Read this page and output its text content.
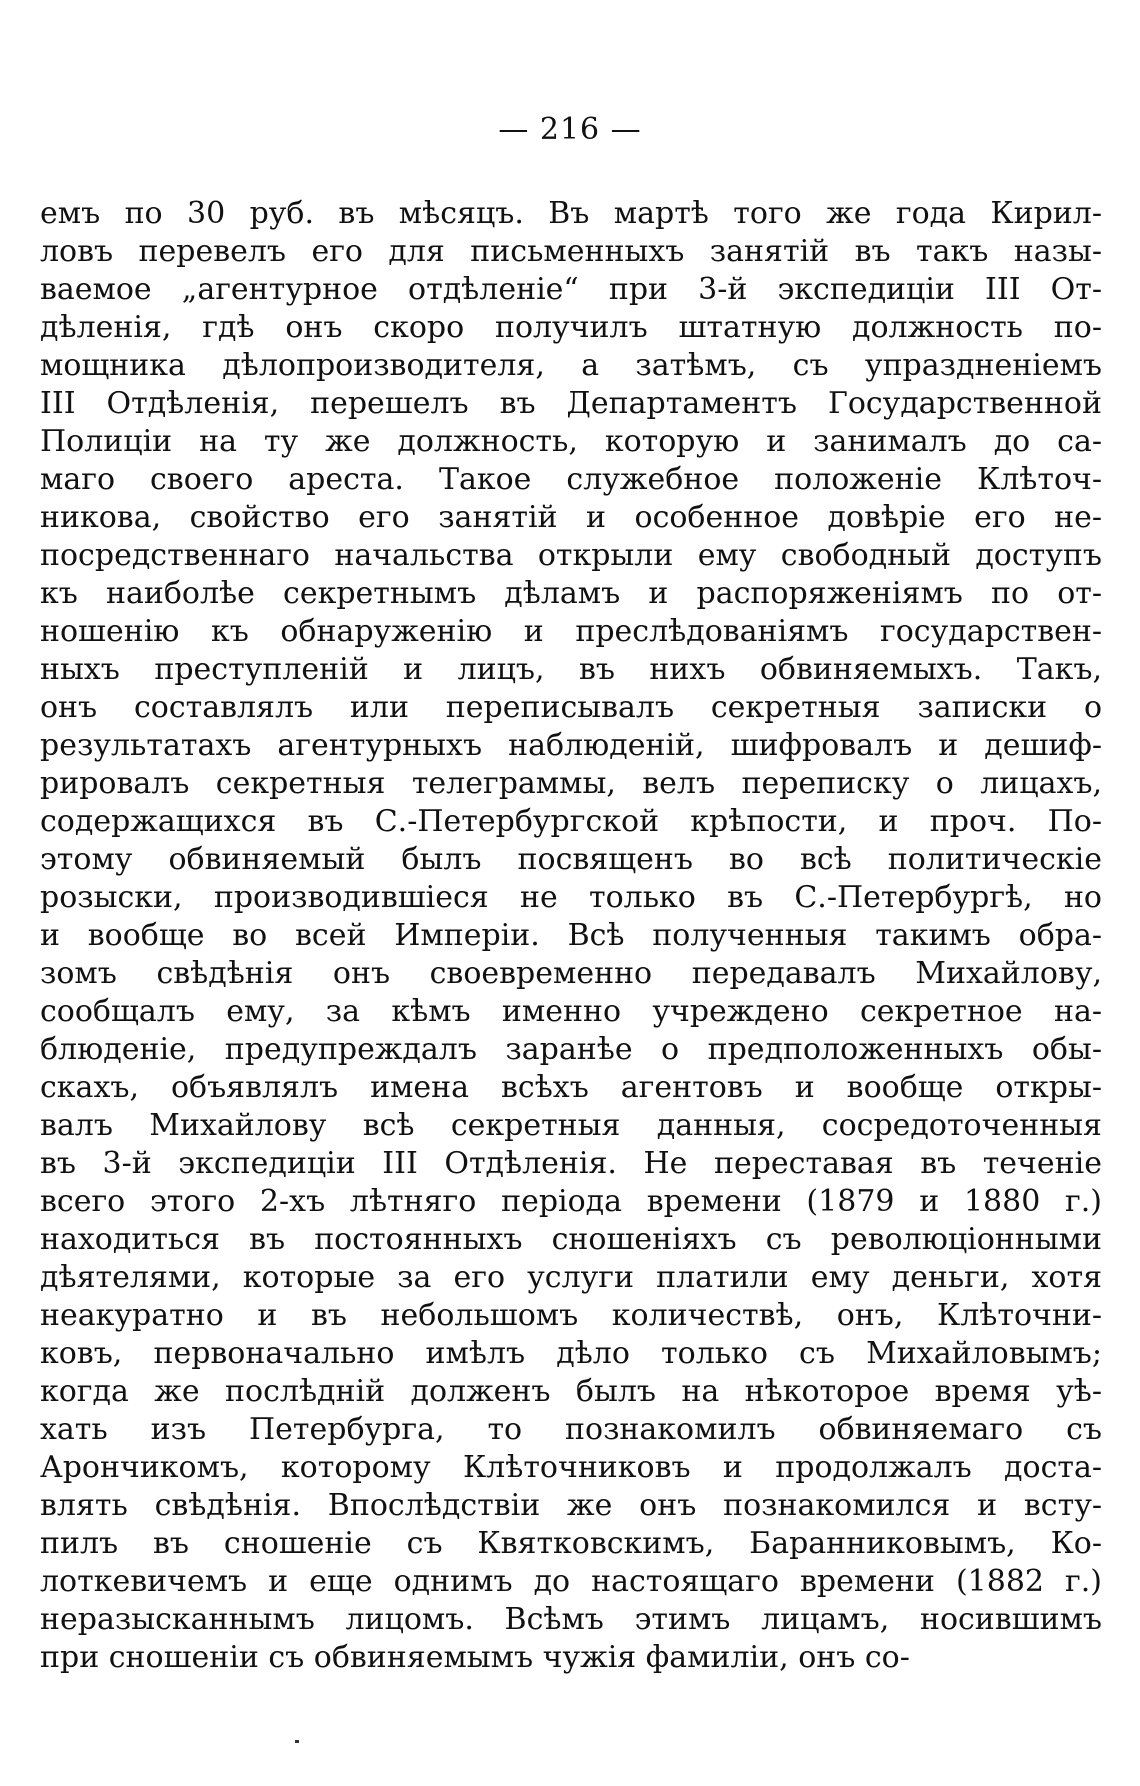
— 216 —
емъ по 30 руб. въ мѣсяцъ. Въ мартѣ того же года Кирил-
ловъ перевелъ его для письменныхъ занятій въ такъ назы-
ваемое „агентурное отдѣленіе“ при 3-й экспедиціи III От-
дѣленія, гдѣ онъ скоро получилъ штатную должность по-
мощника дѣлопроизводителя, а затѣмъ, съ упраздненіемъ
III Отдѣленія, перешелъ въ Департаментъ Государственной
Полиціи на ту же должность, которую и занималъ до са-
маго своего ареста. Такое служебное положеніе Клѣточ-
никова, свойство его занятій и особенное довѣріе его не-
посредственнаго начальства открыли ему свободный доступъ
къ наиболѣе секретнымъ дѣламъ и распоряженіямъ по от-
ношенію къ обнаруженію и преслѣдованіямъ государствен-
ныхъ преступленій и лицъ, въ нихъ обвиняемыхъ. Такъ,
онъ составлялъ или переписывалъ секретныя записки о
результатахъ агентурныхъ наблюденій, шифровалъ и дешиф-
рировалъ секретныя телеграммы, велъ переписку о лицахъ,
содержащихся въ С.-Петербургской крѣпости, и проч. По-
этому обвиняемый былъ посвященъ во всѣ политическіе
розыски, производившіеся не только въ С.-Петербургѣ, но
и вообще во всей Имперіи. Всѣ полученныя такимъ обра-
зомъ свѣдѣнія онъ своевременно передавалъ Михайлову,
сообщалъ ему, за кѣмъ именно учреждено секретное на-
блюденіе, предупреждалъ заранѣе о предположенныхъ обы-
скахъ, объявлялъ имена всѣхъ агентовъ и вообще откры-
валъ Михайлову всѣ секретныя данныя, сосредоточенныя
въ 3-й экспедиціи III Отдѣленія. Не переставая въ теченіе
всего этого 2-хъ лѣтняго періода времени (1879 и 1880 г.)
находиться въ постоянныхъ сношеніяхъ съ революціонными
дѣятелями, которые за его услуги платили ему деньги, хотя
неакуратно и въ небольшомъ количествѣ, онъ, Клѣточни-
ковъ, первоначально имѣлъ дѣло только съ Михайловымъ;
когда же послѣдній долженъ былъ на нѣкоторое время уѣ-
хать изъ Петербурга, то познакомилъ обвиняемаго съ
Арончикомъ, которому Клѣточниковъ и продолжалъ доста-
влять свѣдѣнія. Впослѣдствіи же онъ познакомился и всту-
пилъ въ сношеніе съ Квятковскимъ, Баранниковымъ, Ко-
лоткевичемъ и еще однимъ до настоящаго времени (1882 г.)
неразысканнымъ лицомъ. Всѣмъ этимъ лицамъ, носившимъ
при сношеніи съ обвиняемымъ чужія фамиліи, онъ со-
